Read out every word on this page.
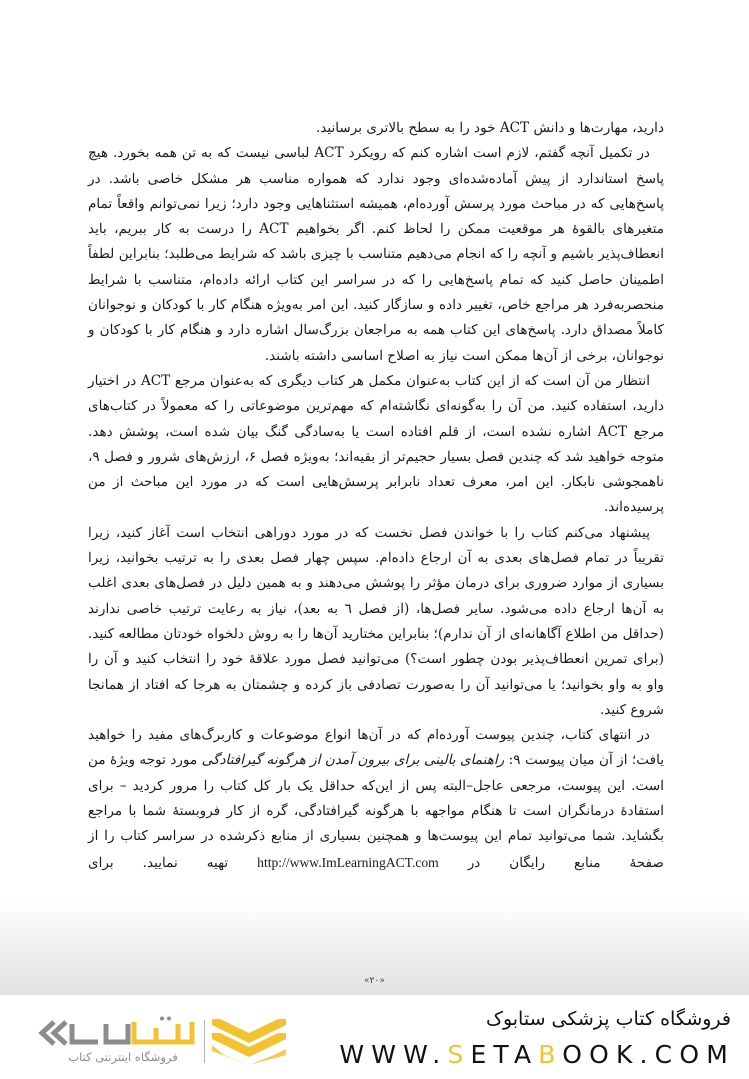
دارید، مهارت‌ها و دانش ACT خود را به سطح بالاتری برسانید.

در تکمیل آنچه گفتم، لازم است اشاره کنم که رویکرد ACT لباسی نیست که به تن همه بخورد. هیچ پاسخ استاندارد از پیش آماده‌شده‌ای وجود ندارد که همواره مناسب هر مشکل خاصی باشد. در پاسخ‌هایی که در مباحث مورد پرسش آورده‌ام، همیشه استثناهایی وجود دارد؛ زیرا نمی‌توانم واقعاً تمام متغیرهای بالقوهٔ هر موقعیت ممکن را لحاظ کنم. اگر بخواهیم ACT را درست به کار ببریم، باید انعطاف‌پذیر باشیم و آنچه را که انجام می‌دهیم متناسب با چیزی باشد که شرایط می‌طلبد؛ بنابراین لطفاً اطمینان حاصل کنید که تمام پاسخ‌هایی را که در سراسر این کتاب ارائه داده‌ام، متناسب با شرایط منحصربه‌فرد هر مراجع خاص، تغییر داده و سازگار کنید. این امر به‌ویژه هنگام کار با کودکان و نوجوانان کاملاً مصداق دارد. پاسخ‌های این کتاب همه به مراجعان بزرگ‌سال اشاره دارد و هنگام کار با کودکان و نوجوانان، برخی از آن‌ها ممکن است نیاز به اصلاح اساسی داشته باشند.

انتظار من آن است که از این کتاب به‌عنوان مکمل هر کتاب دیگری که به‌عنوان مرجع ACT در اختیار دارید، استفاده کنید. من آن را به‌گونه‌ای نگاشته‌ام که مهم‌ترین موضوعاتی را که معمولاً در کتاب‌های مرجع ACT اشاره نشده است، از قلم افتاده است یا به‌سادگی گنگ بیان شده است، پوشش دهد. متوجه خواهید شد که چندین فصل بسیار حجیم‌تر از بقیه‌اند؛ به‌ویژه فصل ۶، ارزش‌های شرور و فصل ۹، ناهمجوشی نابکار. این امر، معرف تعداد نابرابر پرسش‌هایی است که در مورد این مباحث از من پرسیده‌اند.

پیشنهاد می‌کنم کتاب را با خواندن فصل نخست که در مورد دوراهی انتخاب است آغاز کنید، زیرا تقریباً در تمام فصل‌های بعدی به آن ارجاع داده‌ام. سپس چهار فصل بعدی را به ترتیب بخوانید، زیرا بسیاری از موارد ضروری برای درمان مؤثر را پوشش می‌دهند و به همین دلیل در فصل‌های بعدی اغلب به آن‌ها ارجاع داده می‌شود. سایر فصل‌ها، (از فصل ٦ به بعد)، نیاز به رعایت ترتیب خاصی ندارند (حداقل من اطلاع آگاهانه‌ای از آن ندارم)؛ بنابراین مختارید آن‌ها را به روش دلخواه خودتان مطالعه کنید. (برای تمرین انعطاف‌پذیر بودن چطور است؟) می‌توانید فصل مورد علاقهٔ خود را انتخاب کنید و آن را واو به واو بخوانید؛ یا می‌توانید آن را به‌صورت تصادفی باز کرده و چشمتان به هرجا که افتاد از همانجا شروع کنید.

در انتهای کتاب، چندین پیوست آورده‌ام که در آن‌ها انواع موضوعات و کاربرگ‌های مفید را خواهید یافت؛ از آن میان پیوست ۹: راهنمای بالینی برای بیرون آمدن از هرگونه گیرافتادگی مورد توجه ویژهٔ من است. این پیوست، مرجعی عاجل–البته پس از این‌که حداقل یک بار کل کتاب را مرور کردید – برای استفادهٔ درمانگران است تا هنگام مواجهه با هرگونه گیرافتادگی، گره از کار فروبستهٔ شما با مراجع بگشاید. شما می‌توانید تمام این پیوست‌ها و همچنین بسیاری از منابع ذکرشده در سراسر کتاب را از صفحهٔ منابع رایگان در http://www.ImLearningACT.com تهیه نمایید. برای

«۲۰»
فروشگاه اینترنتی کتاب
فروشگاه کتاب پزشکی ستابوک
WWW.SETABOOK.COM
